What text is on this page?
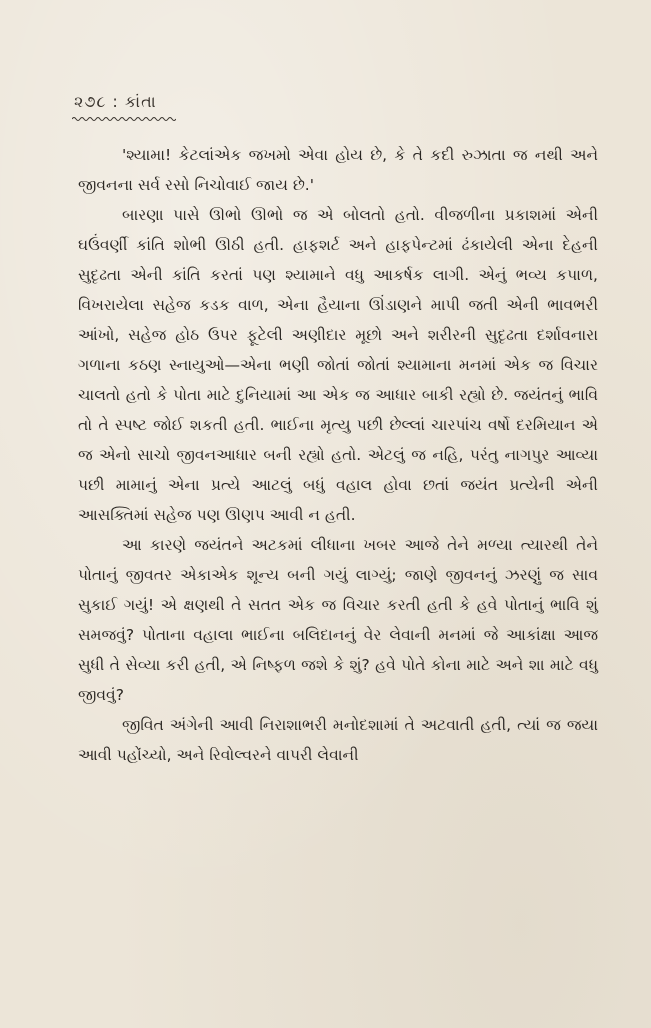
૨૭૮ : કાંતા

'શ્યામા! કેટલાંએક જખમો એવા હોય છે, કે તે કદી રુઝાતા જ નથી અને જીવનના સર્વ રસો નિચોવાઈ જાય છે.'

બારણા પાસે ઊભો ઊભો જ એ બોલતો હતો. વીજળીના પ્રકાશમાં એની ઘઉંવર્ણી કાંતિ શોભી ઊઠી હતી. હાફશર્ટ અને હાફપેન્ટમાં ઢંકાયેલી એના દેહની સુદૃઢતા એની કાંતિ કરતાં પણ શ્યામાને વધુ આકર્ષક લાગી. એનું ભવ્ય કપાળ, વિખરાયેલા સહેજ કડક વાળ, એના હૈયાના ઊંડાણને માપી જતી એની ભાવભરી આંખો, સહેજ હોઠ ઉપર ફૂટેલી અણીદાર મૂછો અને શરીરની સુદૃઢતા દર્શાવનારા ગળાના કઠણ સ્નાયુઓ—એના ભણી જોતાં જોતાં શ્યામાના મનમાં એક જ વિચાર ચાલતો હતો કે પોતા માટે દુનિયામાં આ એક જ આધાર બાકી રહ્યો છે. જયંતનું ભાવિ તો તે સ્પષ્ટ જોઈ શકતી હતી. ભાઈના મૃત્યુ પછી છેલ્લાં ચારપાંચ વર્ષો દરમિયાન એ જ એનો સાચો જીવનઆધાર બની રહ્યો હતો. એટલું જ નહિ, પરંતુ નાગપુર આવ્યા પછી મામાનું એના પ્રત્યે આટલું બધું વહાલ હોવા છતાં જયંત પ્રત્યેની એની આસક્તિમાં સહેજ પણ ઊણપ આવી ન હતી.

આ કારણે જયંતને અટકમાં લીધાના ખબર આજે તેને મળ્યા ત્યારથી તેને પોતાનું જીવતર એકાએક શૂન્ય બની ગયું લાગ્યું; જાણે જીવનનું ઝરણું જ સાવ સુકાઈ ગયું! એ ક્ષણથી તે સતત એક જ વિચાર કરતી હતી કે હવે પોતાનું ભાવિ શું સમજવું? પોતાના વહાલા ભાઈના બલિદાનનું વેર લેવાની મનમાં જે આકાંક્ષા આજ સુધી તે સેવ્યા કરી હતી, એ નિષ્ફળ જશે કે શું? હવે પોતે કોના માટે અને શા માટે વધુ જીવવું?

જીવિત અંગેની આવી નિરાશાભરી મનોદશામાં તે અટવાતી હતી, ત્યાં જ જયા આવી પહોંચ્યો, અને રિવોલ્વરને વાપરી લેવાની
